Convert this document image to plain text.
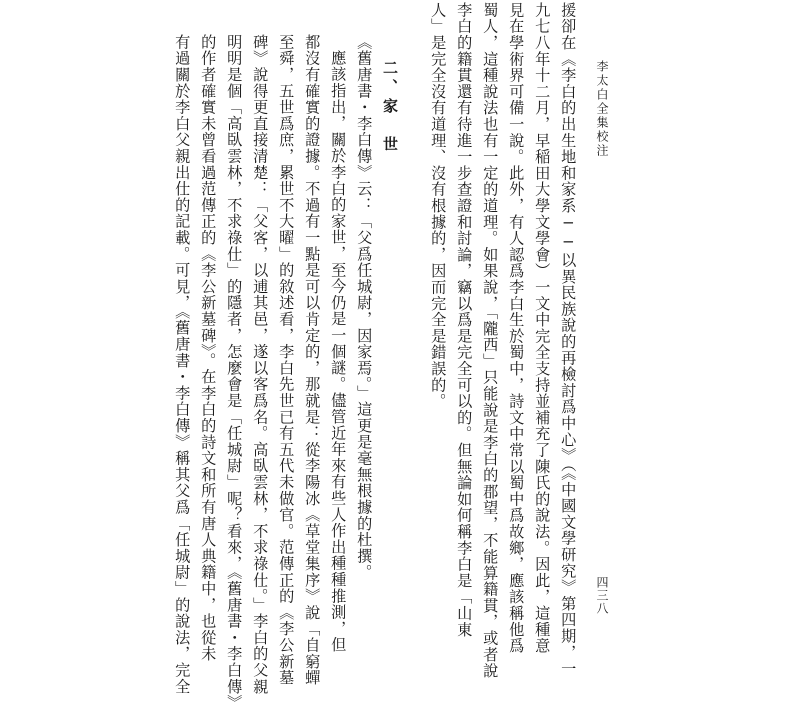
李太白全集校注
四三八
援卻在《李白的出生地和家系──以異民族說的再檢討爲中心》（《中國文學研究》第四期，一
九七八年十二月，早稲田大學文學會）一文中完全支持並補充了陳氏的說法。因此，這種意
見在學術界可備一說。此外，有人認爲李白生於蜀中，詩文中常以蜀中爲故鄉，應該稱他爲
蜀人，這種說法也有一定的道理。如果說，「隴西」只能說是李白的郡望，不能算籍貫，或者說
李白的籍貫還有待進一步查證和討論，竊以爲是完全可以的。但無論如何稱李白是「山東
人」是完全沒有道理、沒有根據的，因而完全是錯誤的。
二、家　世
《舊唐書・李白傳》云：「父爲任城尉，因家焉。」這更是毫無根據的杜撰。
應該指出，關於李白的家世，至今仍是一個謎。儘管近年來有些人作出種種推測，但
都沒有確實的證據。不過有一點是可以肯定的，那就是：從李陽冰《草堂集序》說「自窮蟬
至舜，五世爲庶，累世不大曜」的敘述看，李白先世已有五代未做官。范傳正的《李公新墓
碑》說得更直接清楚：「父客，以逋其邑，遂以客爲名。高臥雲林，不求祿仕。」李白的父親
明明是個「高臥雲林，不求祿仕」的隱者，怎麼會是「任城尉」呢？看來，《舊唐書・李白傳》
的作者確實未曾看過范傳正的《李公新墓碑》。在李白的詩文和所有唐人典籍中，也從未
有過關於李白父親出仕的記載。可見，《舊唐書・李白傳》稱其父爲「任城尉」的說法，完全
